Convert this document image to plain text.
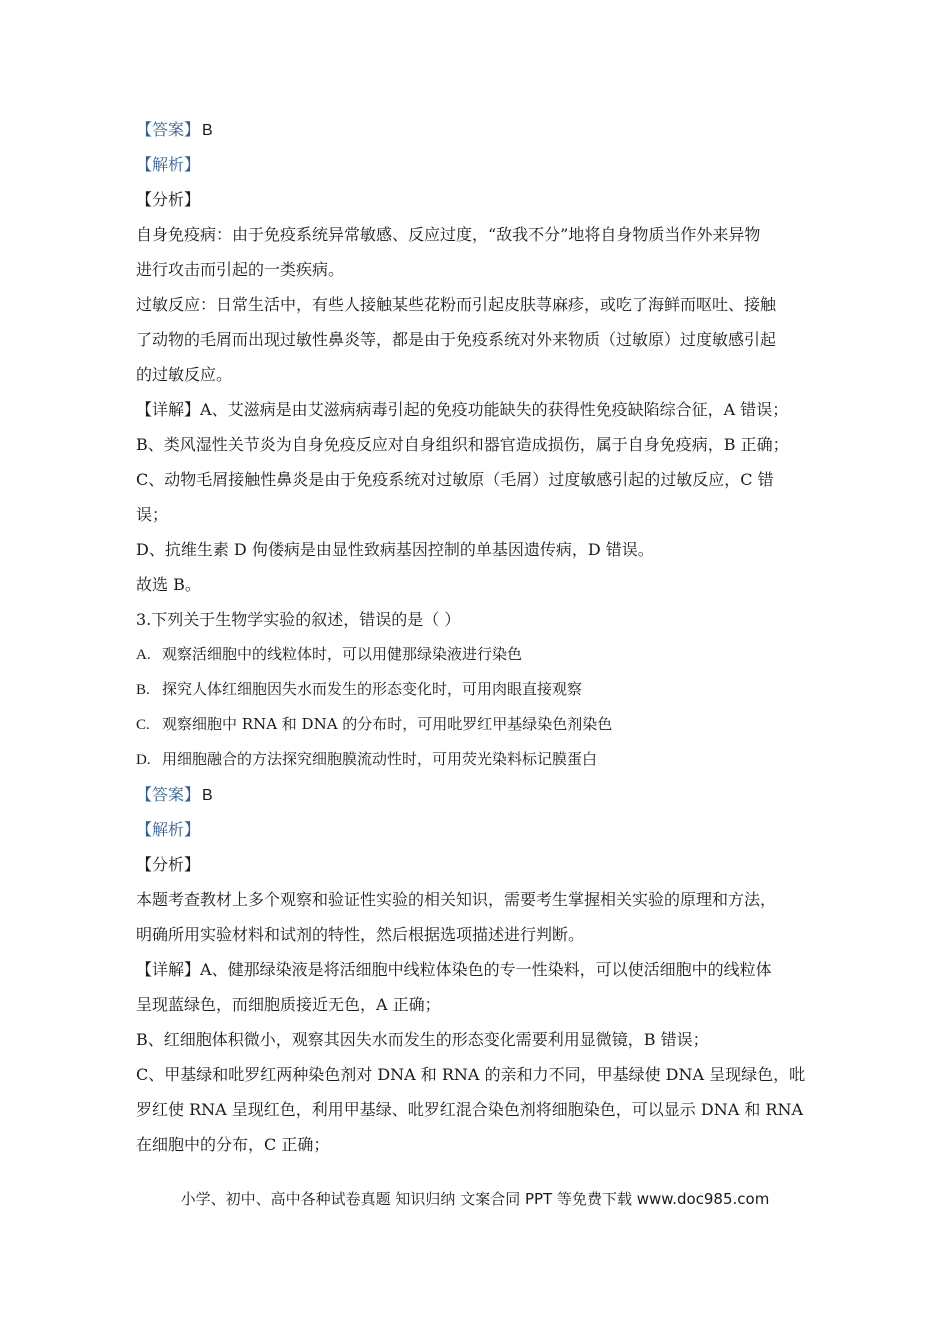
【答案】 B
【解析】
【分析】
自身免疫病：由于免疫系统异常敏感、反应过度，“敌我不分”地将自身物质当作外来异物
进行攻击而引起的一类疾病。
过敏反应：日常生活中，有些人接触某些花粉而引起皮肤荨麻疹，或吃了海鲜而呕吐、接触
了动物的毛屑而出现过敏性鼻炎等，都是由于免疫系统对外来物质（过敏原）过度敏感引起
的过敏反应。
【详解】A、艾滋病是由艾滋病病毒引起的免疫功能缺失的获得性免疫缺陷综合征，A 错误；
B、类风湿性关节炎为自身免疫反应对自身组织和器官造成损伤，属于自身免疫病，B 正确；
C、动物毛屑接触性鼻炎是由于免疫系统对过敏原（毛屑）过度敏感引起的过敏反应，C 错
误；
D、抗维生素 D 佝偻病是由显性致病基因控制的单基因遗传病，D 错误。
故选 B。
3.下列关于生物学实验的叙述，错误的是（ ）
A. 观察活细胞中的线粒体时，可以用健那绿染液进行染色
B. 探究人体红细胞因失水而发生的形态变化时，可用肉眼直接观察
C. 观察细胞中 RNA 和 DNA 的分布时，可用吡罗红甲基绿染色剂染色
D. 用细胞融合的方法探究细胞膜流动性时，可用荧光染料标记膜蛋白
【答案】 B
【解析】
【分析】
本题考查教材上多个观察和验证性实验的相关知识，需要考生掌握相关实验的原理和方法，
明确所用实验材料和试剂的特性，然后根据选项描述进行判断。
【详解】A、健那绿染液是将活细胞中线粒体染色的专一性染料，可以使活细胞中的线粒体
呈现蓝绿色，而细胞质接近无色，A 正确；
B、红细胞体积微小，观察其因失水而发生的形态变化需要利用显微镜，B 错误；
C、甲基绿和吡罗红两种染色剂对 DNA 和 RNA 的亲和力不同，甲基绿使 DNA 呈现绿色，吡
罗红使 RNA 呈现红色，利用甲基绿、吡罗红混合染色剂将细胞染色，可以显示 DNA 和 RNA
在细胞中的分布，C 正确；
小学、初中、高中各种试卷真题 知识归纳 文案合同 PPT 等免费下载 www.doc985.com
